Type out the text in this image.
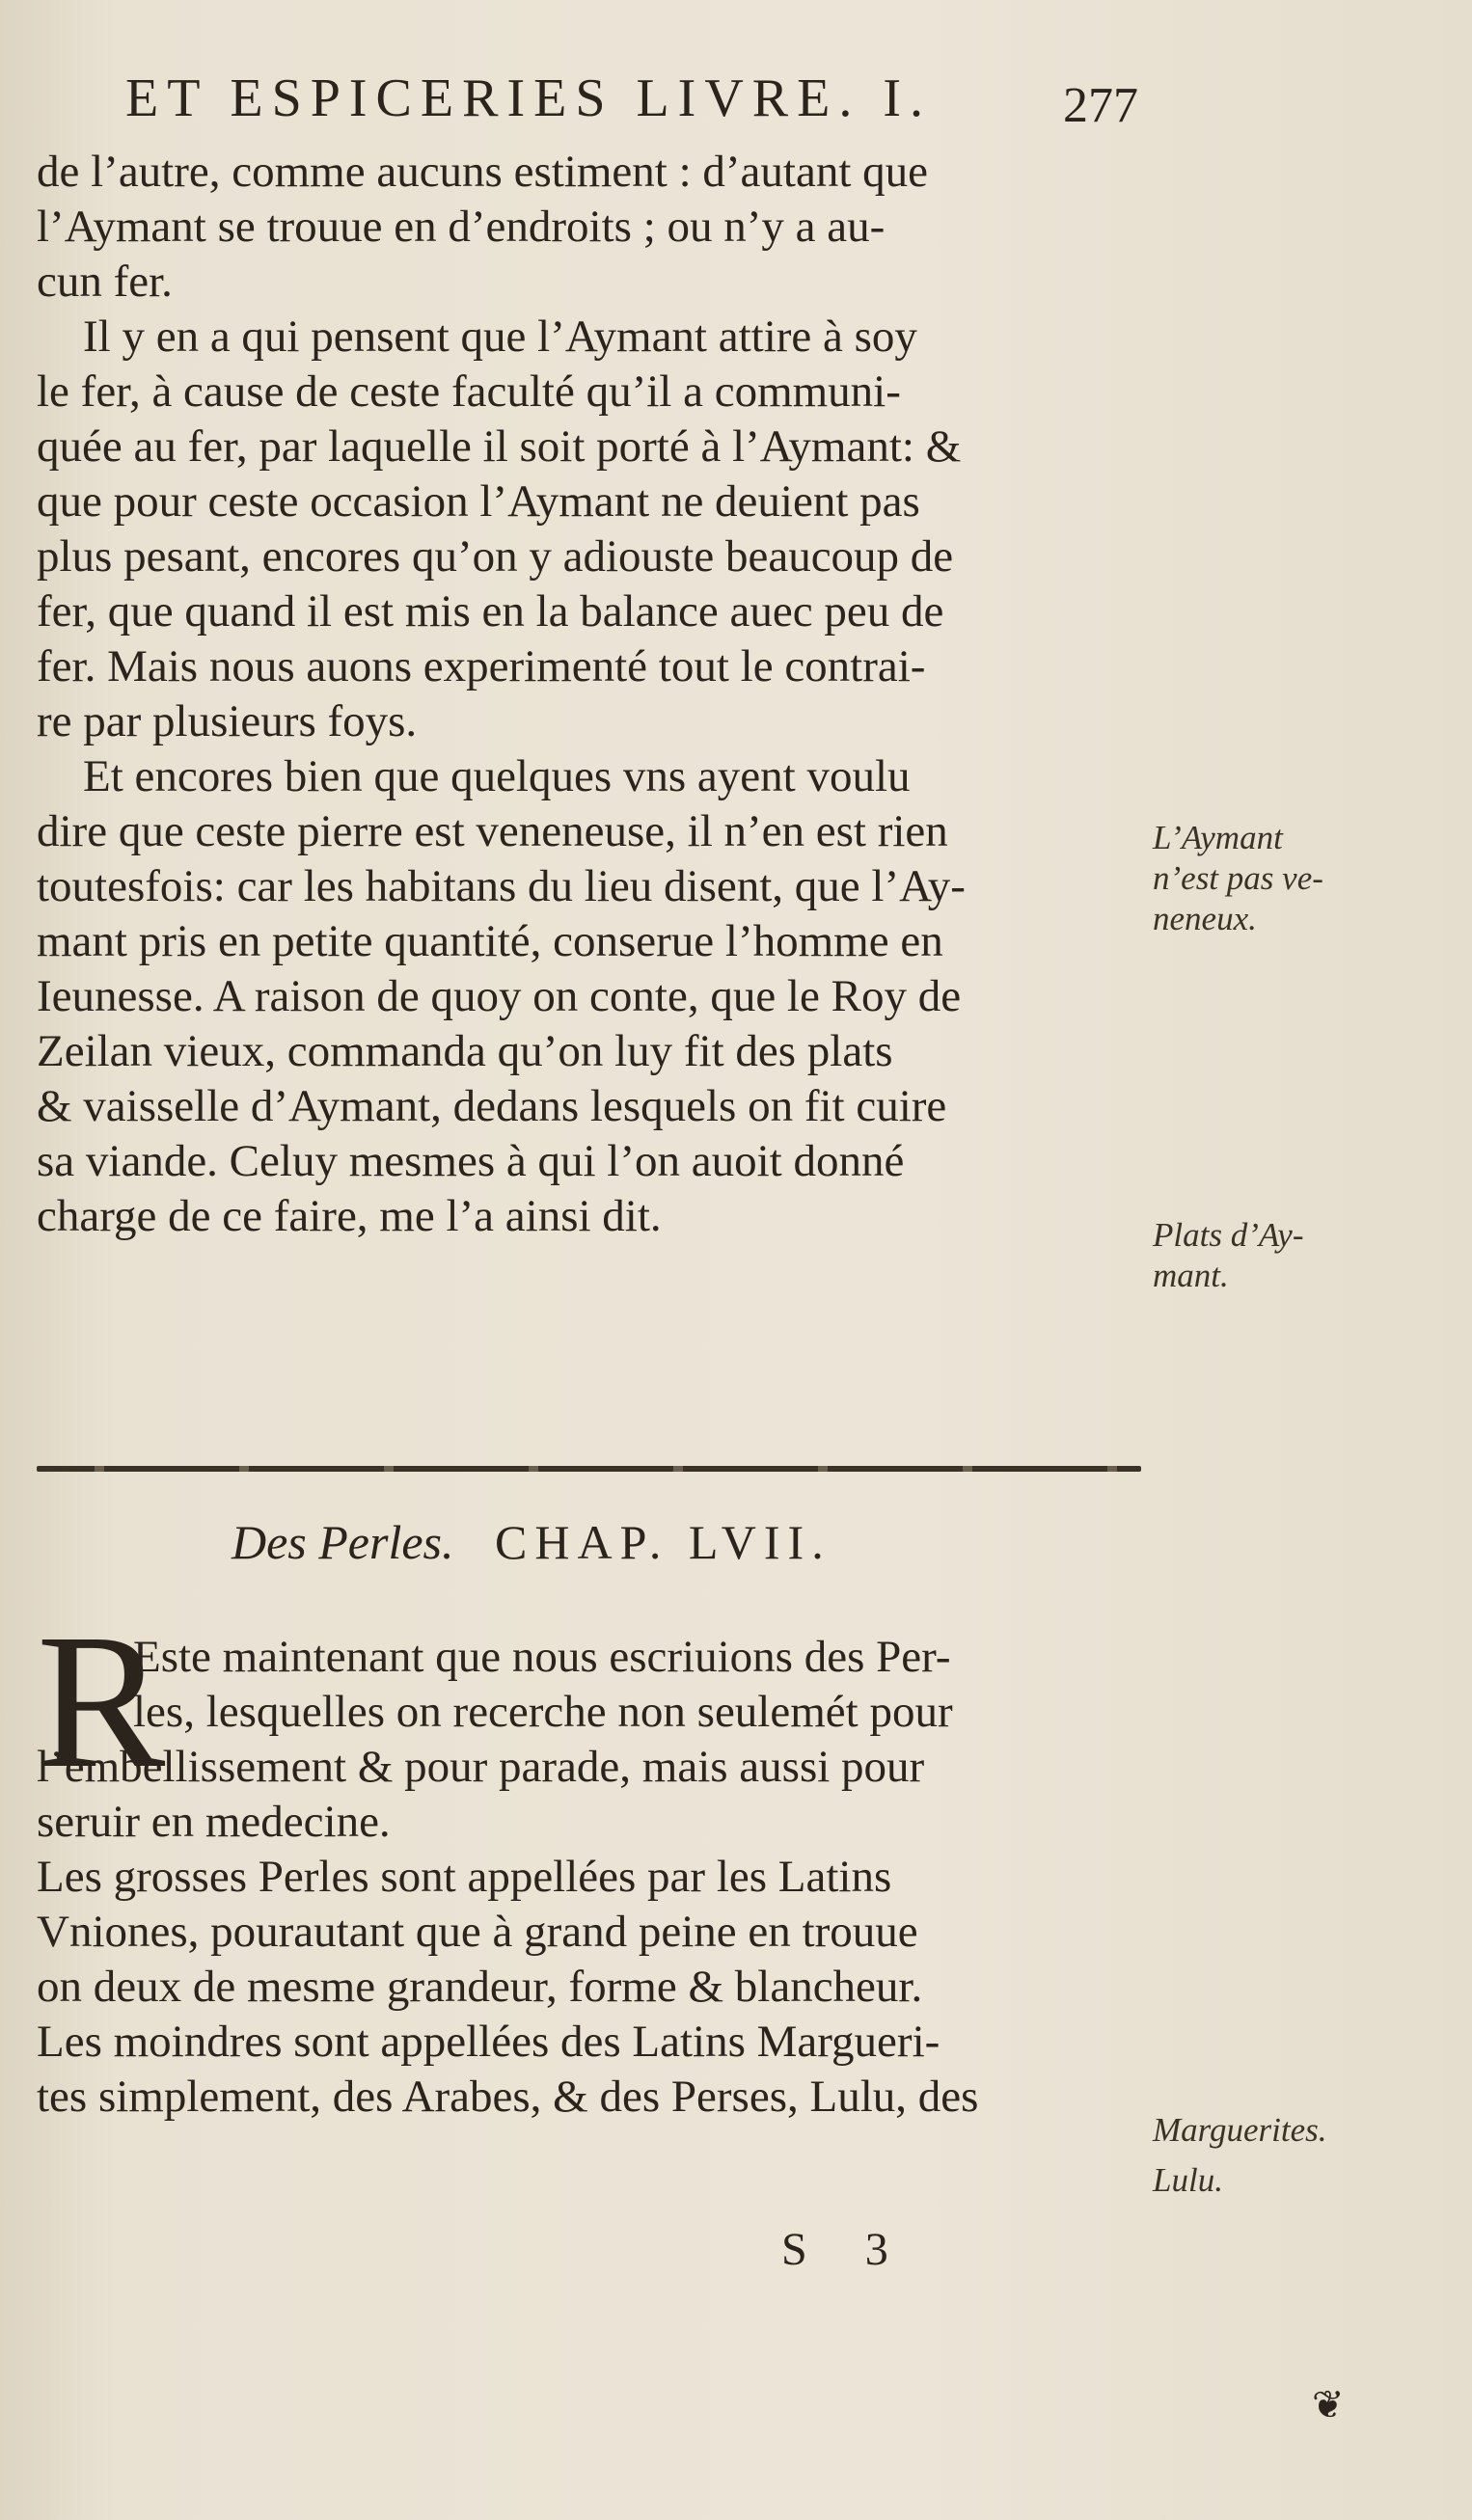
ET ESPICERIES LIVRE. I.	277
de l’autre, comme aucuns estiment : d’autant que
l’Aymant se trouue en d’endroits ; ou n’y a au-
cun fer.
Il y en a qui pensent que l’Aymant attire à soy
le fer, à cause de ceste faculté qu’il a communi-
quée au fer, par laquelle il soit porté à l’Aymant: &
que pour ceste occasion l’Aymant ne deuient pas
plus pesant, encores qu’on y adiouste beaucoup de
fer, que quand il est mis en la balance auec peu de
fer. Mais nous auons experimenté tout le contrai-
re par plusieurs foys.
Et encores bien que quelques vns ayent voulu
dire que ceste pierre est veneneuse, il n’en est rien
toutesfois: car les habitans du lieu disent, que l’Ay-
mant pris en petite quantité, conserue l’homme en
Ieunesse. A raison de quoy on conte, que le Roy de
Zeilan vieux, commanda qu’on luy fit des plats
& vaisselle d’Aymant, dedans lesquels on fit cuire
sa viande. Celuy mesmes à qui l’on auoit donné
charge de ce faire, me l’a ainsi dit.
L’Aymant
n’est pas ve-
neneux.
Plats d’Ay-
mant.
Des Perles. CHAP. LVII.
R
Este maintenant que nous escriuions des Per-
les, lesquelles on recerche non seulemét pour
l’embellissement & pour parade, mais aussi pour
seruir en medecine.
Les grosses Perles sont appellées par les Latins
Vniones, pourautant que à grand peine en trouue
on deux de mesme grandeur, forme & blancheur.
Les moindres sont appellées des Latins Margueri-
tes simplement, des Arabes, & des Perses, Lulu, des
Marguerites.
Lulu.
S 3
❦
